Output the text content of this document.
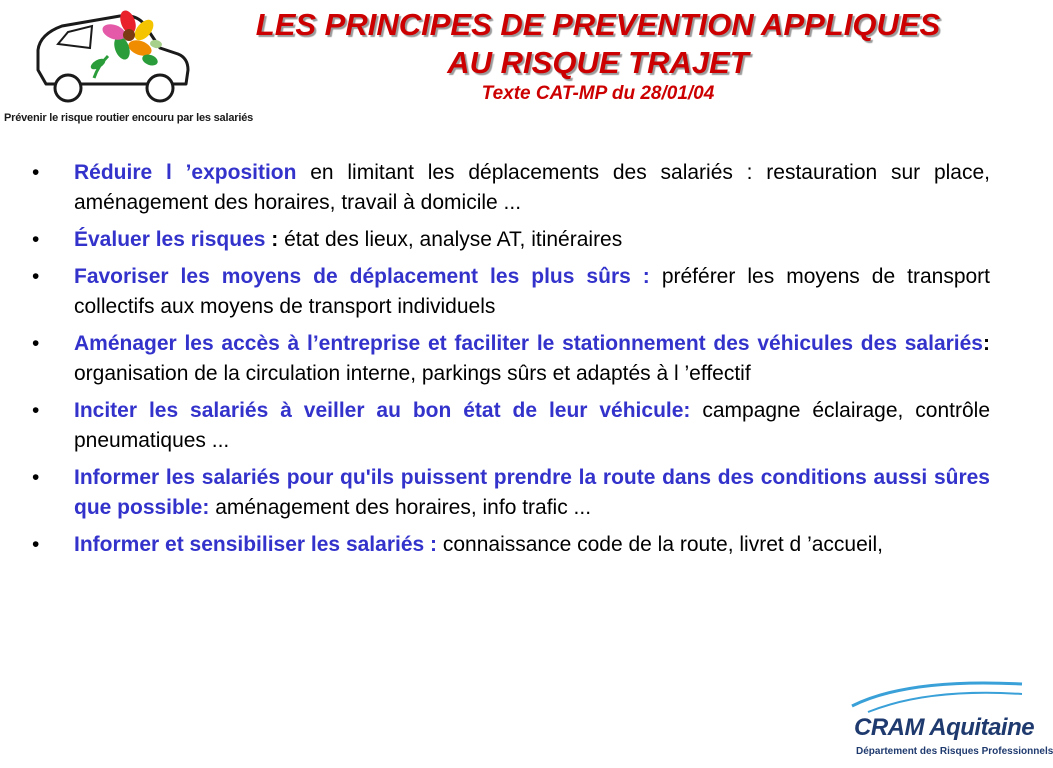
Prévenir le risque routier encouru par les salariés
LES PRINCIPES DE PREVENTION APPLIQUES AU RISQUE TRAJET

Texte CAT-MP du 28/01/04

• Réduire l ’exposition en limitant les déplacements des salariés : restauration sur place, aménagement des horaires, travail à domicile ...
• Évaluer les risques : état des lieux, analyse AT, itinéraires
• Favoriser les moyens de déplacement les plus sûrs : préférer les moyens de transport collectifs aux moyens de transport individuels
• Aménager les accès à l’entreprise et faciliter le stationnement des véhicules des salariés: organisation de la circulation interne, parkings sûrs et adaptés à l ’effectif
• Inciter les salariés à veiller au bon état de leur véhicule: campagne éclairage, contrôle pneumatiques ...
• Informer les salariés pour qu'ils puissent prendre la route dans des conditions aussi sûres que possible: aménagement des horaires, info trafic ...
• Informer et sensibiliser les salariés : connaissance code de la route, livret d ’accueil,
CRAM Aquitaine
Département des Risques Professionnels
